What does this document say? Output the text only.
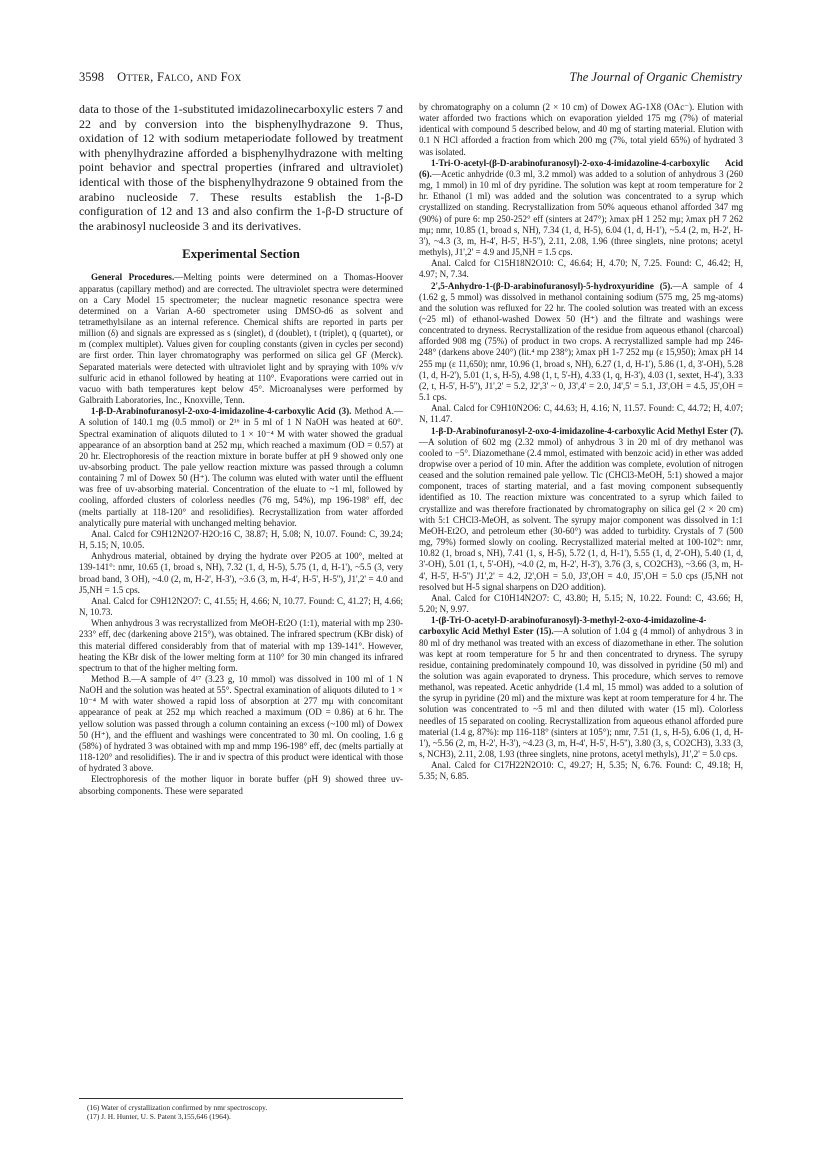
3598 Otter, Falco, and Fox	The Journal of Organic Chemistry

data to those of the 1-substituted imidazolinecarboxylic esters 7 and 22 and by conversion into the bisphenylhydrazone 9. Thus, oxidation of 12 with sodium metaperiodate followed by treatment with phenylhydrazine afforded a bisphenylhydrazone with melting point behavior and spectral properties (infrared and ultraviolet) identical with those of the bisphenylhydrazone 9 obtained from the arabino nucleoside 7. These results establish the 1-β-D configuration of 12 and 13 and also confirm the 1-β-D structure of the arabinosyl nucleoside 3 and its derivatives.

Experimental Section

General Procedures.—Melting points were determined on a Thomas-Hoover apparatus (capillary method) and are corrected. The ultraviolet spectra were determined on a Cary Model 15 spectrometer; the nuclear magnetic resonance spectra were determined on a Varian A-60 spectrometer using DMSO-d6 as solvent and tetramethylsilane as an internal reference. Chemical shifts are reported in parts per million (δ) and signals are expressed as s (singlet), d (doublet), t (triplet), q (quartet), or m (complex multiplet). Values given for coupling constants (given in cycles per second) are first order. Thin layer chromatography was performed on silica gel GF (Merck). Separated materials were detected with ultraviolet light and by spraying with 10% v/v sulfuric acid in ethanol followed by heating at 110°. Evaporations were carried out in vacuo with bath temperatures kept below 45°. Microanalyses were performed by Galbraith Laboratories, Inc., Knoxville, Tenn.

1-β-D-Arabinofuranosyl-2-oxo-4-imidazoline-4-carboxylic Acid (3). Method A.—A solution of 140.1 mg (0.5 mmol) or 2¹⁶ in 5 ml of 1 N NaOH was heated at 60°. Spectral examination of aliquots diluted to 1 × 10⁻⁴ M with water showed the gradual appearance of an absorption band at 252 mμ, which reached a maximum (OD = 0.57) at 20 hr. Electrophoresis of the reaction mixture in borate buffer at pH 9 showed only one uv-absorbing product. The pale yellow reaction mixture was passed through a column containing 7 ml of Dowex 50 (H⁺). The column was eluted with water until the effluent was free of uv-absorbing material. Concentration of the eluate to ~1 ml, followed by cooling, afforded clusters of colorless needles (76 mg, 54%), mp 196-198° eff, dec (melts partially at 118-120° and resolidifies). Recrystallization from water afforded analytically pure material with unchanged melting behavior.

Anal. Calcd for C9H12N2O7·H2O:16 C, 38.87; H, 5.08; N, 10.07. Found: C, 39.24; H, 5.15; N, 10.05.

Anhydrous material, obtained by drying the hydrate over P2O5 at 100°, melted at 139-141°: nmr, 10.65 (1, broad s, NH), 7.32 (1, d, H-5), 5.75 (1, d, H-1'), ~5.5 (3, very broad band, 3 OH), ~4.0 (2, m, H-2', H-3'), ~3.6 (3, m, H-4', H-5', H-5''), J1',2' = 4.0 and J5,NH = 1.5 cps.

Anal. Calcd for C9H12N2O7: C, 41.55; H, 4.66; N, 10.77. Found: C, 41.27; H, 4.66; N, 10.73.

When anhydrous 3 was recrystallized from MeOH-Et2O (1:1), material with mp 230-233° eff, dec (darkening above 215°), was obtained. The infrared spectrum (KBr disk) of this material differed considerably from that of material with mp 139-141°. However, heating the KBr disk of the lower melting form at 110° for 30 min changed its infrared spectrum to that of the higher melting form.

Method B.—A sample of 4¹⁷ (3.23 g, 10 mmol) was dissolved in 100 ml of 1 N NaOH and the solution was heated at 55°. Spectral examination of aliquots diluted to 1 × 10⁻⁴ M with water showed a rapid loss of absorption at 277 mμ with concomitant appearance of peak at 252 mμ which reached a maximum (OD = 0.86) at 6 hr. The yellow solution was passed through a column containing an excess (~100 ml) of Dowex 50 (H⁺), and the effluent and washings were concentrated to 30 ml. On cooling, 1.6 g (58%) of hydrated 3 was obtained with mp and mmp 196-198° eff, dec (melts partially at 118-120° and resolidifies). The ir and iv spectra of this product were identical with those of hydrated 3 above.

Electrophoresis of the mother liquor in borate buffer (pH 9) showed three uv-absorbing components. These were separated

by chromatography on a column (2 × 10 cm) of Dowex AG-1X8 (OAc⁻). Elution with water afforded two fractions which on evaporation yielded 175 mg (7%) of material identical with compound 5 described below, and 40 mg of starting material. Elution with 0.1 N HCl afforded a fraction from which 200 mg (7%, total yield 65%) of hydrated 3 was isolated.

1-Tri-O-acetyl-(β-D-arabinofuranosyl)-2-oxo-4-imidazoline-4-carboxylic Acid (6).—Acetic anhydride (0.3 ml, 3.2 mmol) was added to a solution of anhydrous 3 (260 mg, 1 mmol) in 10 ml of dry pyridine. The solution was kept at room temperature for 2 hr. Ethanol (1 ml) was added and the solution was concentrated to a syrup which crystallized on standing. Recrystallization from 50% aqueous ethanol afforded 347 mg (90%) of pure 6: mp 250-252° eff (sinters at 247°); λmax pH 1 252 mμ; λmax pH 7 262 mμ; nmr, 10.85 (1, broad s, NH), 7.34 (1, d, H-5), 6.04 (1, d, H-1'), ~5.4 (2, m, H-2', H-3'), ~4.3 (3, m, H-4', H-5', H-5''), 2.11, 2.08, 1.96 (three singlets, nine protons; acetyl methyls), J1',2' = 4.9 and J5,NH = 1.5 cps.

Anal. Calcd for C15H18N2O10: C, 46.64; H, 4.70; N, 7.25. Found: C, 46.42; H, 4.97; N, 7.34.

2',5-Anhydro-1-(β-D-arabinofuranosyl)-5-hydroxyuridine (5).—A sample of 4 (1.62 g, 5 mmol) was dissolved in methanol containing sodium (575 mg, 25 mg-atoms) and the solution was refluxed for 22 hr. The cooled solution was treated with an excess (~25 ml) of ethanol-washed Dowex 50 (H⁺) and the filtrate and washings were concentrated to dryness. Recrystallization of the residue from aqueous ethanol (charcoal) afforded 908 mg (75%) of product in two crops. A recrystallized sample had mp 246-248° (darkens above 240°) (lit.⁴ mp 238°); λmax pH 1-7 252 mμ (ε 15,950); λmax pH 14 255 mμ (ε 11,650); nmr, 10.96 (1, broad s, NH), 6.27 (1, d, H-1'), 5.86 (1, d, 3'-OH), 5.28 (1, d, H-2'), 5.01 (1, s, H-5), 4.98 (1, t, 5'-H), 4.33 (1, q, H-3'), 4.03 (1, sextet, H-4'), 3.33 (2, t, H-5', H-5''), J1',2' = 5.2, J2',3' ~ 0, J3',4' = 2.0, J4',5' = 5.1, J3',OH = 4.5, J5',OH = 5.1 cps.

Anal. Calcd for C9H10N2O6: C, 44.63; H, 4.16; N, 11.57. Found: C, 44.72; H, 4.07; N, 11.47.

1-β-D-Arabinofuranosyl-2-oxo-4-imidazoline-4-carboxylic Acid Methyl Ester (7).—A solution of 602 mg (2.32 mmol) of anhydrous 3 in 20 ml of dry methanol was cooled to −5°. Diazomethane (2.4 mmol, estimated with benzoic acid) in ether was added dropwise over a period of 10 min. After the addition was complete, evolution of nitrogen ceased and the solution remained pale yellow. Tlc (CHCl3-MeOH, 5:1) showed a major component, traces of starting material, and a fast moving component subsequently identified as 10. The reaction mixture was concentrated to a syrup which failed to crystallize and was therefore fractionated by chromatography on silica gel (2 × 20 cm) with 5:1 CHCl3-MeOH, as solvent. The syrupy major component was dissolved in 1:1 MeOH-Et2O, and petroleum ether (30-60°) was added to turbidity. Crystals of 7 (500 mg, 79%) formed slowly on cooling. Recrystallized material melted at 100-102°: nmr, 10.82 (1, broad s, NH), 7.41 (1, s, H-5), 5.72 (1, d, H-1'), 5.55 (1, d, 2'-OH), 5.40 (1, d, 3'-OH), 5.01 (1, t, 5'-OH), ~4.0 (2, m, H-2', H-3'), 3.76 (3, s, CO2CH3), ~3.66 (3, m, H-4', H-5', H-5'') J1',2' = 4.2, J2',OH = 5.0, J3',OH = 4.0, J5',OH = 5.0 cps (J5,NH not resolved but H-5 signal sharpens on D2O addition).

Anal. Calcd for C10H14N2O7: C, 43.80; H, 5.15; N, 10.22. Found: C, 43.66; H, 5.20; N, 9.97.

1-(β-Tri-O-acetyl-D-arabinofuranosyl)-3-methyl-2-oxo-4-imidazoline-4-carboxylic Acid Methyl Ester (15).—A solution of 1.04 g (4 mmol) of anhydrous 3 in 80 ml of dry methanol was treated with an excess of diazomethane in ether. The solution was kept at room temperature for 5 hr and then concentrated to dryness. The syrupy residue, containing predominately compound 10, was dissolved in pyridine (50 ml) and the solution was again evaporated to dryness. This procedure, which serves to remove methanol, was repeated. Acetic anhydride (1.4 ml, 15 mmol) was added to a solution of the syrup in pyridine (20 ml) and the mixture was kept at room temperature for 4 hr. The solution was concentrated to ~5 ml and then diluted with water (15 ml). Colorless needles of 15 separated on cooling. Recrystallization from aqueous ethanol afforded pure material (1.4 g, 87%): mp 116-118° (sinters at 105°); nmr, 7.51 (1, s, H-5), 6.06 (1, d, H-1'), ~5.56 (2, m, H-2', H-3'), ~4.23 (3, m, H-4', H-5', H-5''), 3.80 (3, s, CO2CH3), 3.33 (3, s, NCH3), 2.11, 2.08, 1.93 (three singlets, nine protons, acetyl methyls), J1',2' = 5.0 cps.

Anal. Calcd for C17H22N2O10: C, 49.27; H, 5.35; N, 6.76. Found: C, 49.18; H, 5.35; N, 6.85.

(16) Water of crystallization confirmed by nmr spectroscopy.
(17) J. H. Hunter, U. S. Patent 3,155,646 (1964).
